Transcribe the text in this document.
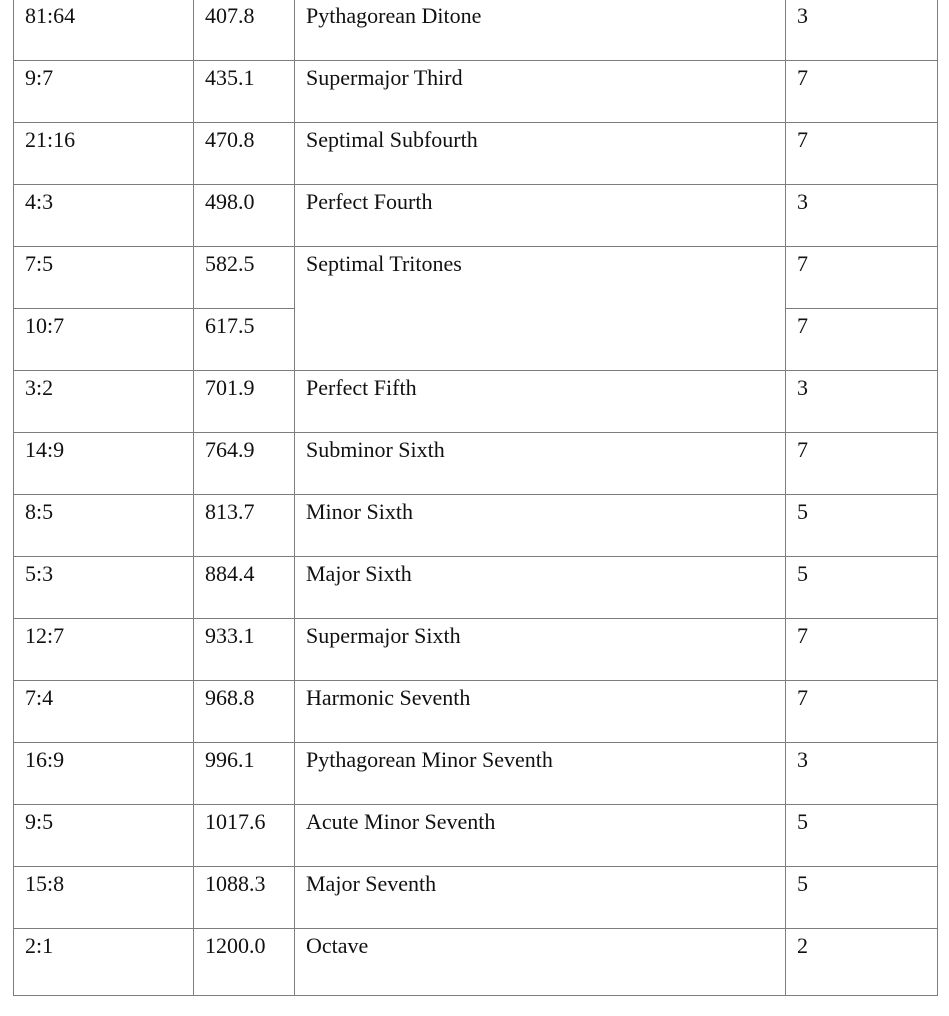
81:64	407.8	Pythagorean Ditone	3

9:7	435.1	Supermajor Third	7

21:16	470.8	Septimal Subfourth	7

4:3	498.0	Perfect Fourth	3

7:5	582.5	Septimal Tritones	7

10:7	617.5		7

3:2	701.9	Perfect Fifth	3

14:9	764.9	Subminor Sixth	7

8:5	813.7	Minor Sixth	5

5:3	884.4	Major Sixth	5

12:7	933.1	Supermajor Sixth	7

7:4	968.8	Harmonic Seventh	7

16:9	996.1	Pythagorean Minor Seventh	3

9:5	1017.6	Acute Minor Seventh	5

15:8	1088.3	Major Seventh	5

2:1	1200.0	Octave	2
